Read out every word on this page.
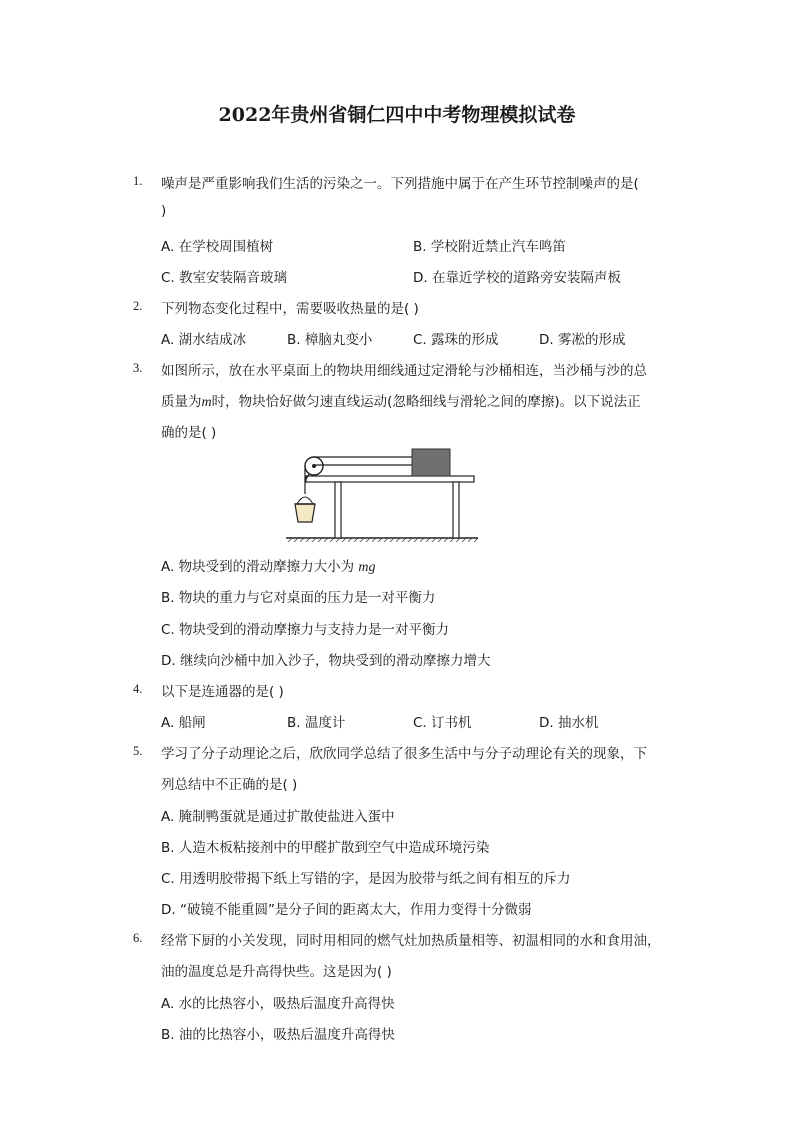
2022年贵州省铜仁四中中考物理模拟试卷
1. 噪声是严重影响我们生活的污染之一。下列措施中属于在产生环节控制噪声的是(
)
A. 在学校周围植树	B. 学校附近禁止汽车鸣笛
C. 教室安装隔音玻璃	D. 在靠近学校的道路旁安装隔声板
2. 下列物态变化过程中，需要吸收热量的是( )
A. 湖水结成冰	B. 樟脑丸变小	C. 露珠的形成	D. 雾凇的形成
3. 如图所示，放在水平桌面上的物块用细线通过定滑轮与沙桶相连，当沙桶与沙的总
质量为m时，物块恰好做匀速直线运动(忽略细线与滑轮之间的摩擦)。以下说法正
确的是( )
A. 物块受到的滑动摩擦力大小为 mg
B. 物块的重力与它对桌面的压力是一对平衡力
C. 物块受到的滑动摩擦力与支持力是一对平衡力
D. 继续向沙桶中加入沙子，物块受到的滑动摩擦力增大
4. 以下是连通器的是( )
A. 船闸	B. 温度计	C. 订书机	D. 抽水机
5. 学习了分子动理论之后，欣欣同学总结了很多生活中与分子动理论有关的现象，下
列总结中不正确的是( )
A. 腌制鸭蛋就是通过扩散使盐进入蛋中
B. 人造木板粘接剂中的甲醛扩散到空气中造成环境污染
C. 用透明胶带揭下纸上写错的字，是因为胶带与纸之间有相互的斥力
D. “破镜不能重圆”是分子间的距离太大，作用力变得十分微弱
6. 经常下厨的小关发现，同时用相同的燃气灶加热质量相等、初温相同的水和食用油，
油的温度总是升高得快些。这是因为( )
A. 水的比热容小，吸热后温度升高得快
B. 油的比热容小，吸热后温度升高得快
